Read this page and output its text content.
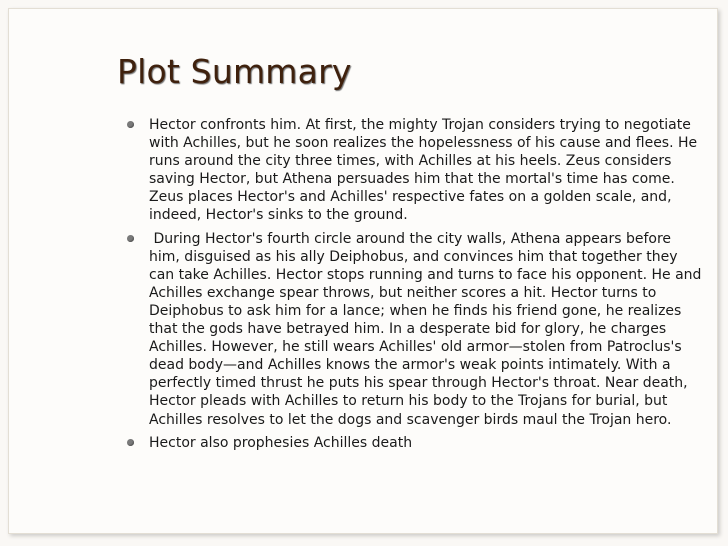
Plot Summary
Hector confronts him. At first, the mighty Trojan considers trying to negotiate with Achilles, but he soon realizes the hopelessness of his cause and flees. He runs around the city three times, with Achilles at his heels. Zeus considers saving Hector, but Athena persuades him that the mortal's time has come. Zeus places Hector's and Achilles' respective fates on a golden scale, and, indeed, Hector's sinks to the ground.
During Hector's fourth circle around the city walls, Athena appears before him, disguised as his ally Deiphobus, and convinces him that together they can take Achilles. Hector stops running and turns to face his opponent. He and Achilles exchange spear throws, but neither scores a hit. Hector turns to Deiphobus to ask him for a lance; when he finds his friend gone, he realizes that the gods have betrayed him. In a desperate bid for glory, he charges Achilles. However, he still wears Achilles' old armor—stolen from Patroclus's dead body—and Achilles knows the armor's weak points intimately. With a perfectly timed thrust he puts his spear through Hector's throat. Near death, Hector pleads with Achilles to return his body to the Trojans for burial, but Achilles resolves to let the dogs and scavenger birds maul the Trojan hero.
Hector also prophesies Achilles death
